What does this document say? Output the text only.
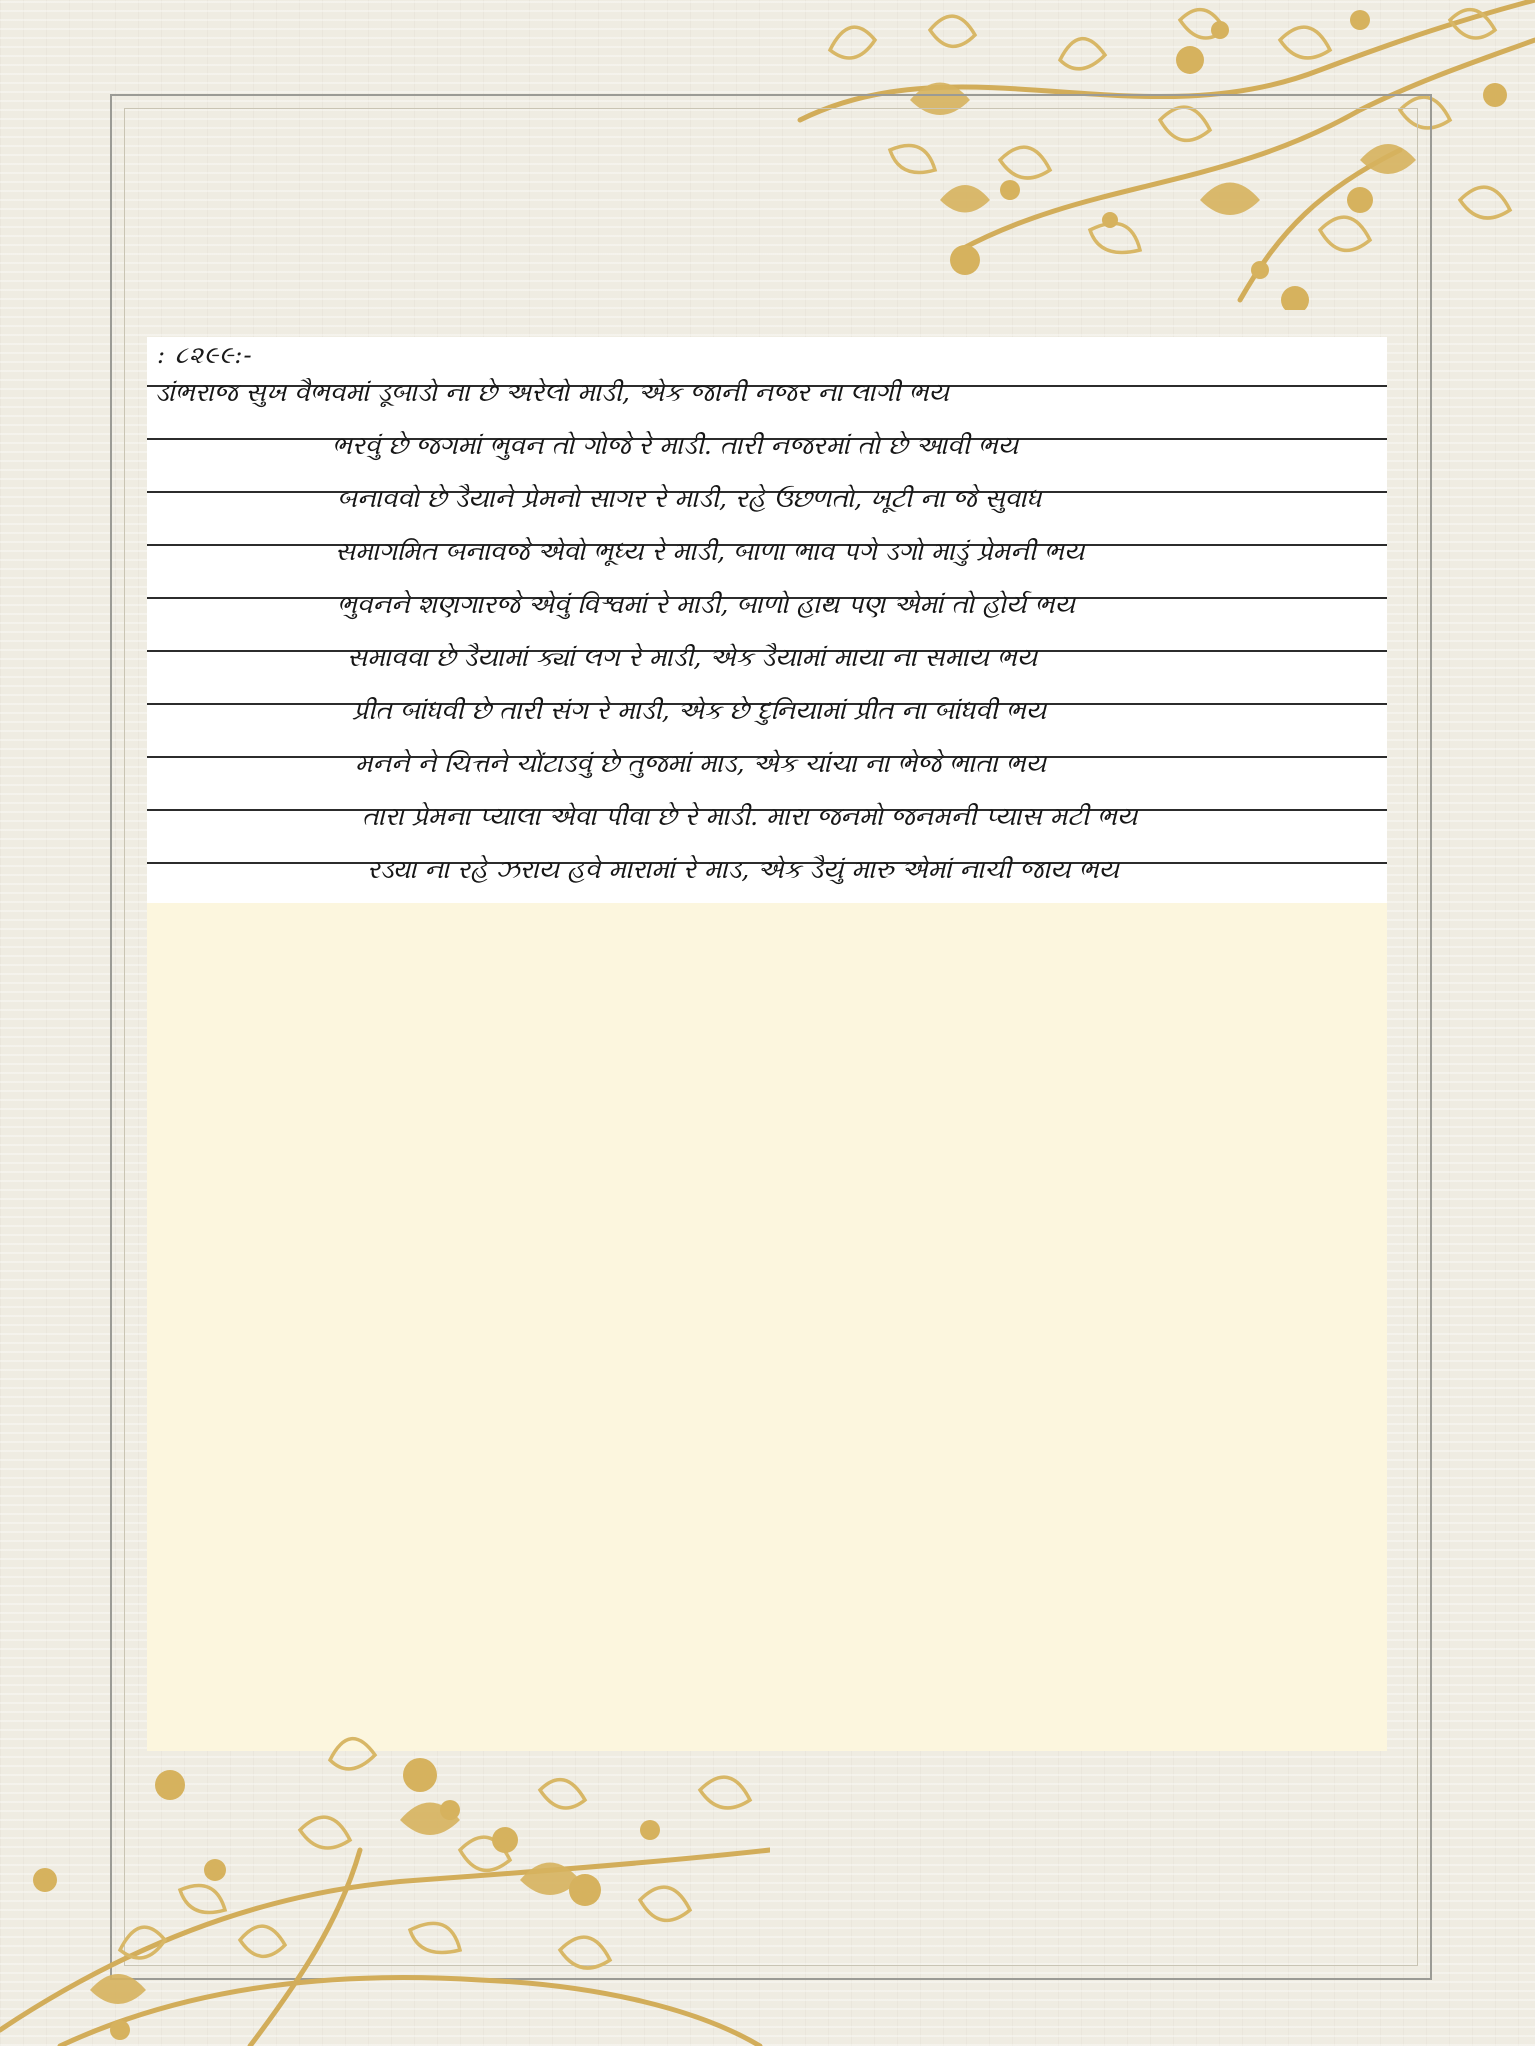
: ૮૨૯૯:-
ડાંભરાજ સુખ વૈભવમાં ડૂબાડો ના છે અરેલો માડી, એક જાની નજર ના લાગી ભય
ભરવું છે જગમાં ભુવન તો ગોજે રે માડી. તારી નજરમાં તો છે આવી ભય
બનાવવો છે ડૈયાને પ્રેમનો સાગર રે માડી, રહે ઉછળતો, ખૂટી ના જે સુવાધ
સમાગમિત બનાવજે એવો ભૂધ્ય રે માડી, બાળા ભાવ પગે ડગો માડું પ્રેમની ભય
ભુવનને શણગારજે એવું વિશ્વમાં રે માડી, બાળો હાથ પણ એમાં તો હોર્ય ભય
સમાવવા છે ડૈયામાં ક્યાં લગ રે માડી, એક ડૈયામાં માયા ના સમાય ભય
પ્રીત બાંધવી છે તારી સંગ રે માડી, એક છે દુનિયામાં પ્રીત ના બાંધવી ભય
મનને ને ચિત્તને ચોંટાડવું છે તુજમાં માડ, એક ચાંચા ના ભેજે ભાતા ભય
તારા પ્રેમના પ્યાલા એવા પીવા છે રે માડી. મારા જનમો જનમની પ્યાસ મટી ભય
રડ્યા ના રહે ઝરાય હવે મારામાં રે માડ, એક ડૈયું મારુ એમાં નાચી જાય ભય
